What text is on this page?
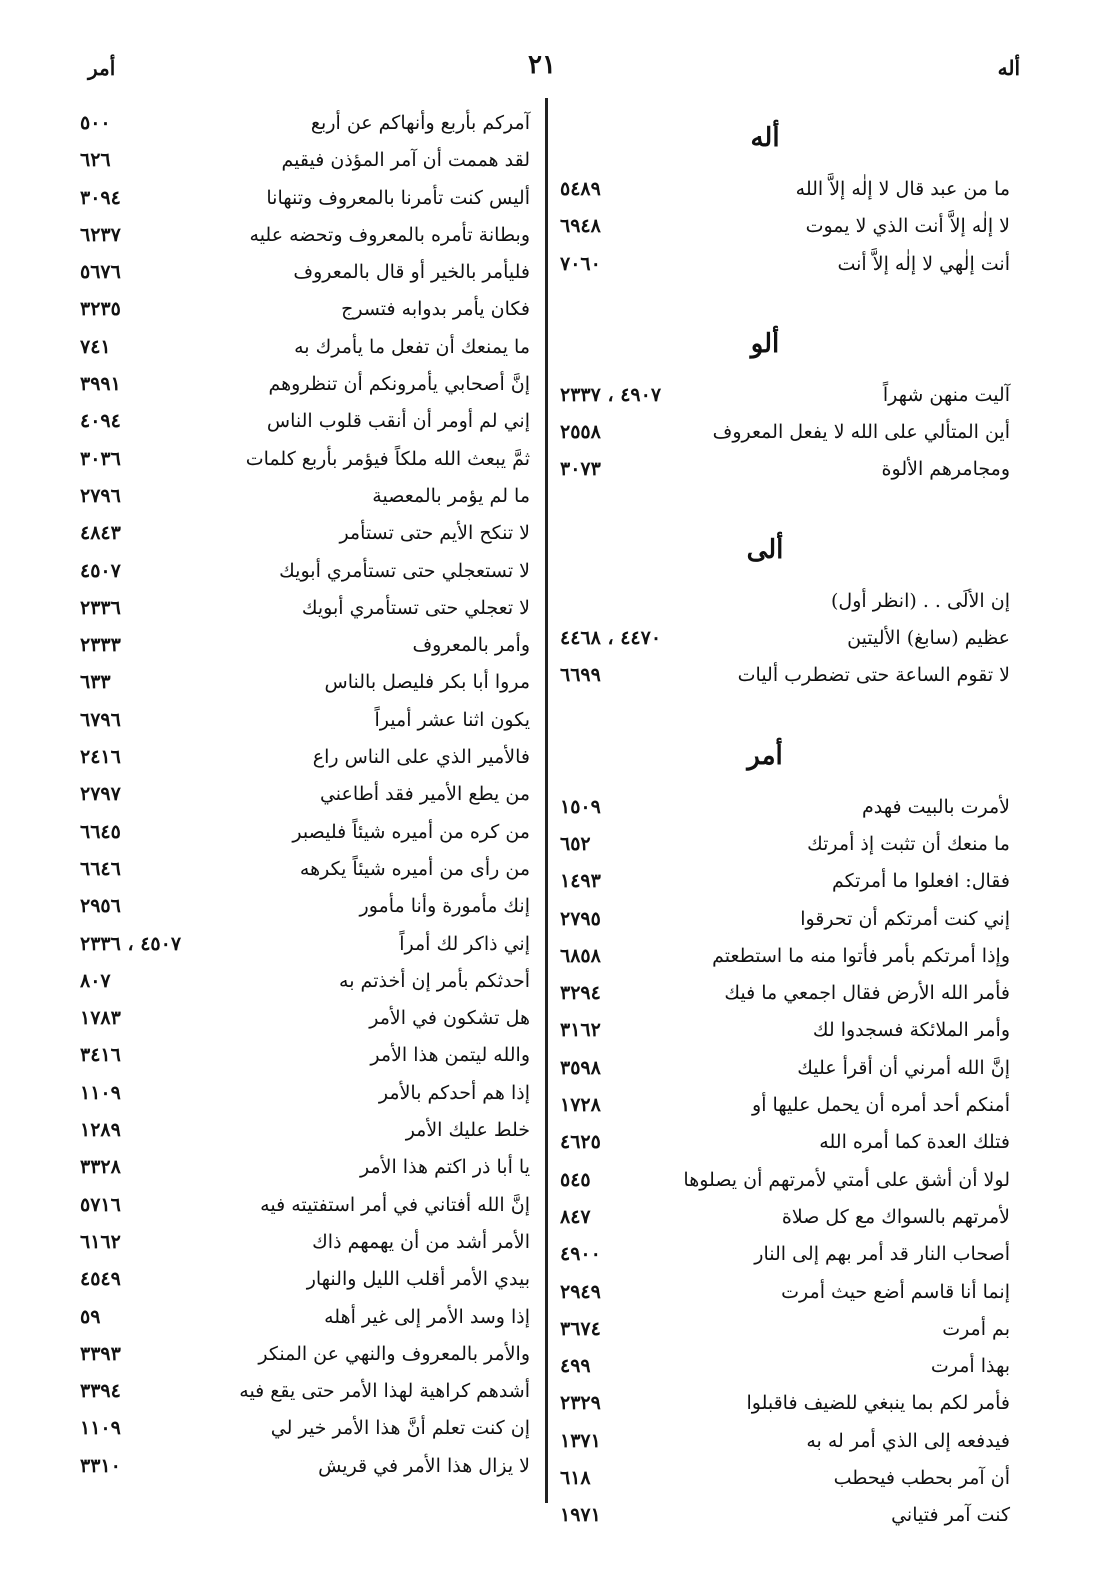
أله
٢١
أمر
أله
ما من عبد قال لا إلٰه إلاَّ الله
٥٤٨٩
لا إلٰه إلاَّ أنت الذي لا يموت
٦٩٤٨
أنت إلٰهي لا إلٰه إلاَّ أنت
٧٠٦٠
ألو
آليت منهن شهراً
٤٩٠٧ ، ٢٣٣٧
أين المتألي على الله لا يفعل المعروف
٢٥٥٨
ومجامرهم الألوة
٣٠٧٣
ألى
إن الألَى . . (انظر أول)
عظيم (سابغ) الأليتين
٤٤٧٠ ، ٤٤٦٨
لا تقوم الساعة حتى تضطرب أليات
٦٦٩٩
أمر
لأمرت بالبيت فهدم
١٥٠٩
ما منعك أن تثبت إذ أمرتك
٦٥٢
فقال: افعلوا ما أمرتكم
١٤٩٣
إني كنت أمرتكم أن تحرقوا
٢٧٩٥
وإذا أمرتكم بأمر فأتوا منه ما استطعتم
٦٨٥٨
فأمر الله الأرض فقال اجمعي ما فيك
٣٢٩٤
وأمر الملائكة فسجدوا لك
٣١٦٢
إنَّ الله أمرني أن أقرأ عليك
٣٥٩٨
أمنكم أحد أمره أن يحمل عليها أو
١٧٢٨
فتلك العدة كما أمره الله
٤٦٢٥
لولا أن أشق على أمتي لأمرتهم أن يصلوها
٥٤٥
لأمرتهم بالسواك مع كل صلاة
٨٤٧
أصحاب النار قد أمر بهم إلى النار
٤٩٠٠
إنما أنا قاسم أضع حيث أمرت
٢٩٤٩
بم أمرت
٣٦٧٤
بهذا أمرت
٤٩٩
فأمر لكم بما ينبغي للضيف فاقبلوا
٢٣٢٩
فيدفعه إلى الذي أمر له به
١٣٧١
أن آمر بحطب فيحطب
٦١٨
كنت آمر فتياني
١٩٧١
آمركم بأربع وأنهاكم عن أربع
٥٠٠
لقد هممت أن آمر المؤذن فيقيم
٦٢٦
أليس كنت تأمرنا بالمعروف وتنهانا
٣٠٩٤
وبطانة تأمره بالمعروف وتحضه عليه
٦٢٣٧
فليأمر بالخير أو قال بالمعروف
٥٦٧٦
فكان يأمر بدوابه فتسرج
٣٢٣٥
ما يمنعك أن تفعل ما يأمرك به
٧٤١
إنَّ أصحابي يأمرونكم أن تنظروهم
٣٩٩١
إني لم أومر أن أنقب قلوب الناس
٤٠٩٤
ثمَّ يبعث الله ملكاً فيؤمر بأربع كلمات
٣٠٣٦
ما لم يؤمر بالمعصية
٢٧٩٦
لا تنكح الأيم حتى تستأمر
٤٨٤٣
لا تستعجلي حتى تستأمري أبويك
٤٥٠٧
لا تعجلي حتى تستأمري أبويك
٢٣٣٦
وأمر بالمعروف
٢٣٣٣
مروا أبا بكر فليصل بالناس
٦٣٣
يكون اثنا عشر أميراً
٦٧٩٦
فالأمير الذي على الناس راع
٢٤١٦
من يطع الأمير فقد أطاعني
٢٧٩٧
من كره من أميره شيئاً فليصبر
٦٦٤٥
من رأى من أميره شيئاً يكرهه
٦٦٤٦
إنك مأمورة وأنا مأمور
٢٩٥٦
إني ذاكر لك أمراً
٤٥٠٧ ، ٢٣٣٦
أحدثكم بأمر إن أخذتم به
٨٠٧
هل تشكون في الأمر
١٧٨٣
والله ليتمن هذا الأمر
٣٤١٦
إذا هم أحدكم بالأمر
١١٠٩
خلط عليك الأمر
١٢٨٩
يا أبا ذر اكتم هذا الأمر
٣٣٢٨
إنَّ الله أفتاني في أمر استفتيته فيه
٥٧١٦
الأمر أشد من أن يهمهم ذاك
٦١٦٢
بيدي الأمر أقلب الليل والنهار
٤٥٤٩
إذا وسد الأمر إلى غير أهله
٥٩
والأمر بالمعروف والنهي عن المنكر
٣٣٩٣
أشدهم كراهية لهذا الأمر حتى يقع فيه
٣٣٩٤
إن كنت تعلم أنَّ هذا الأمر خير لي
١١٠٩
لا يزال هذا الأمر في قريش
٣٣١٠
